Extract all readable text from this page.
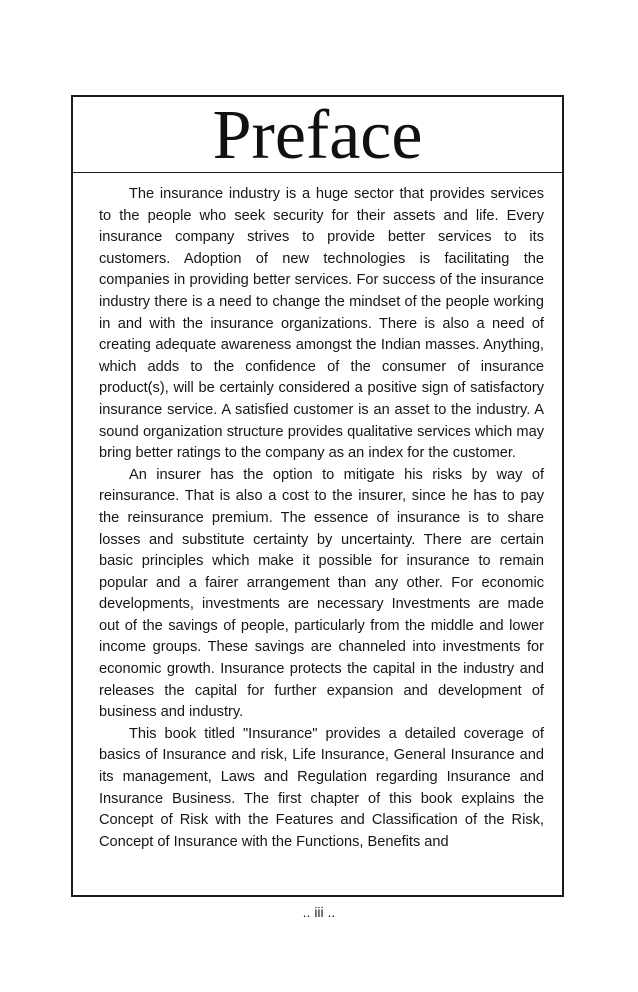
Preface

The insurance industry is a huge sector that provides services to the people who seek security for their assets and life. Every insurance company strives to provide better services to its customers. Adoption of new technologies is facilitating the companies in providing better services. For success of the insurance industry there is a need to change the mindset of the people working in and with the insurance organizations. There is also a need of creating adequate awareness amongst the Indian masses. Anything, which adds to the confidence of the consumer of insurance product(s), will be certainly considered a positive sign of satisfactory insurance service. A satisfied customer is an asset to the industry. A sound organization structure provides qualitative services which may bring better ratings to the company as an index for the customer.

An insurer has the option to mitigate his risks by way of reinsurance. That is also a cost to the insurer, since he has to pay the reinsurance premium. The essence of insurance is to share losses and substitute certainty by uncertainty. There are certain basic principles which make it possible for insurance to remain popular and a fairer arrangement than any other. For economic developments, investments are necessary Investments are made out of the savings of people, particularly from the middle and lower income groups. These savings are channeled into investments for economic growth. Insurance protects the capital in the industry and releases the capital for further expansion and development of business and industry.

This book titled "Insurance" provides a detailed coverage of basics of Insurance and risk, Life Insurance, General Insurance and its management, Laws and Regulation regarding Insurance and Insurance Business. The first chapter of this book explains the Concept of Risk with the Features and Classification of the Risk, Concept of Insurance with the Functions, Benefits and

.. iii ..
